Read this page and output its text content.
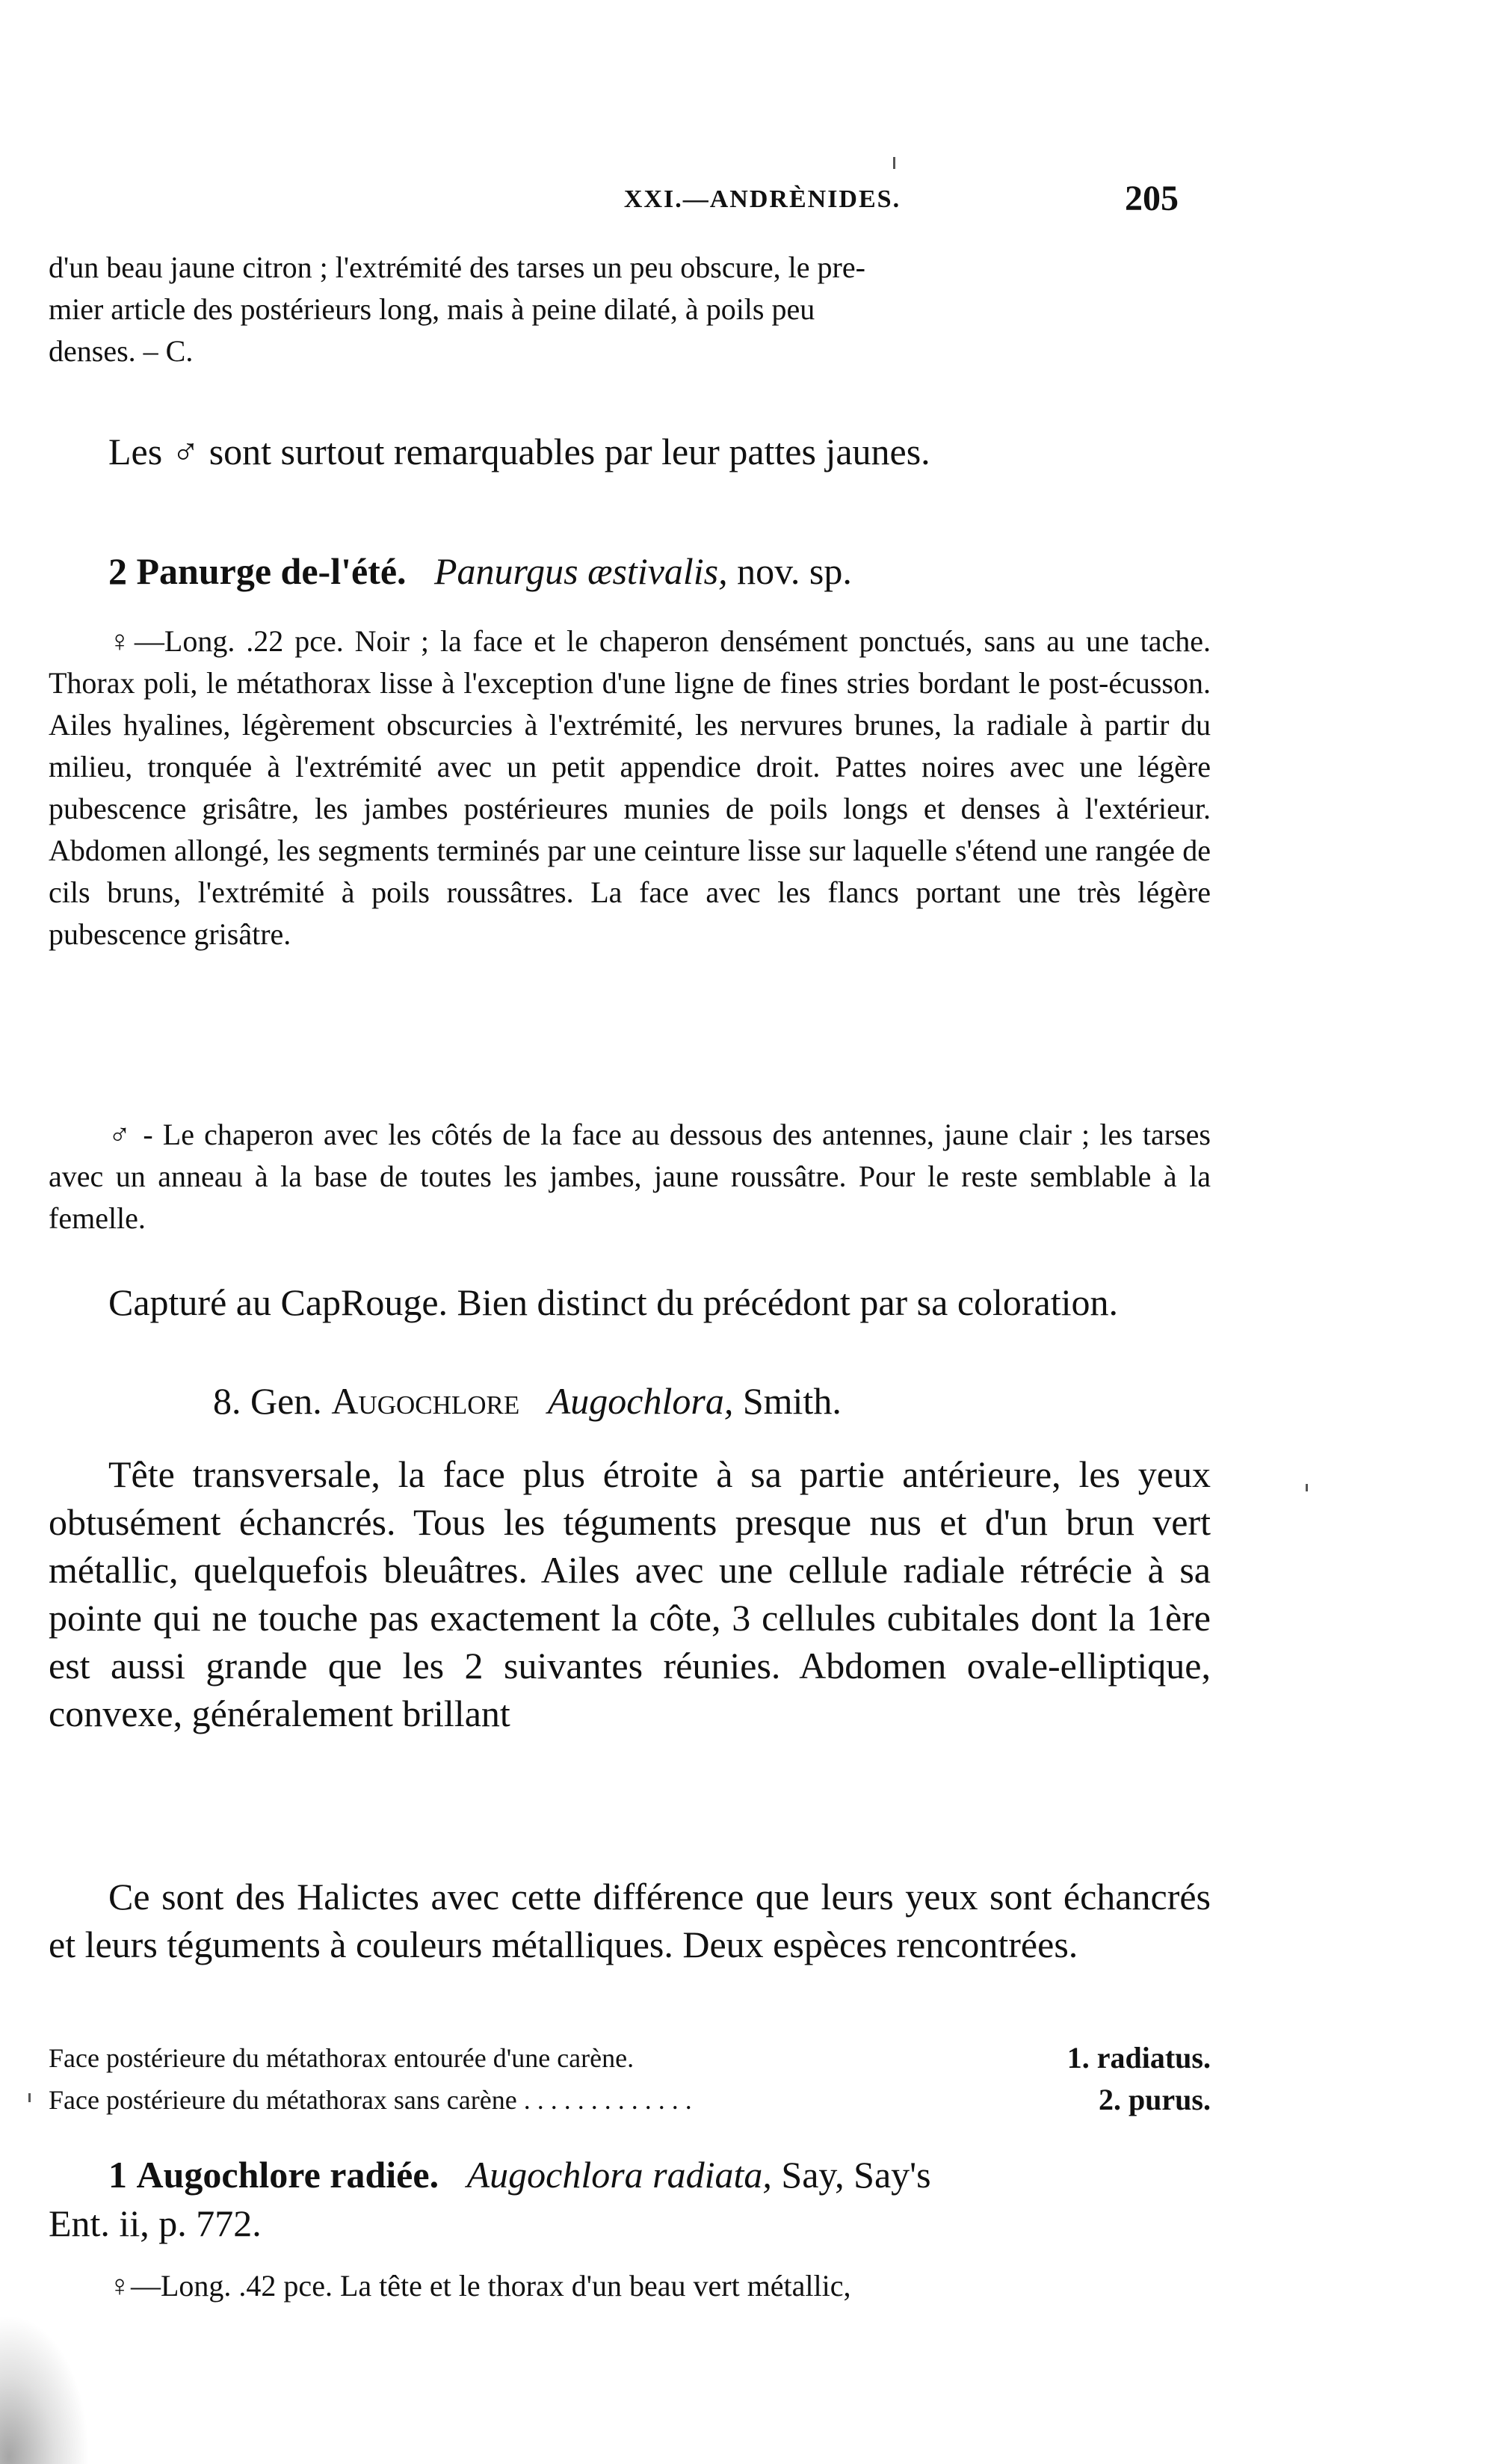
XXI.—ANDRÈNIDES.	205
d'un beau jaune citron ; l'extrémité des tarses un peu obscure, le pre-
mier article des postérieurs long, mais à peine dilaté, à poils peu
denses. – C.
Les ♂ sont surtout remarquables par leur pattes jaunes.
2 Panurge de-l'été. Panurgus æstivalis, nov. sp.
♀—Long. .22 pce. Noir ; la face et le chaperon densément ponctués, sans au une tache. Thorax poli, le métathorax lisse à l'exception d'une ligne de fines stries bordant le post-écusson. Ailes hyalines, légèrement obscurcies à l'extrémité, les nervures brunes, la radiale à partir du milieu, tronquée à l'extrémité avec un petit appendice droit. Pattes noires avec une légère pubescence grisâtre, les jambes postérieures munies de poils longs et denses à l'extérieur. Abdomen allongé, les segments terminés par une ceinture lisse sur laquelle s'étend une rangée de cils bruns, l'extrémité à poils roussâtres. La face avec les flancs portant une très légère pubescence grisâtre.
♂ - Le chaperon avec les côtés de la face au dessous des antennes, jaune clair ; les tarses avec un anneau à la base de toutes les jambes, jaune roussâtre. Pour le reste semblable à la femelle.
Capturé au CapRouge. Bien distinct du précédont par sa coloration.
8. Gen. Augochlore Augochlora, Smith.
Tête transversale, la face plus étroite à sa partie antérieure, les yeux obtusément échancrés. Tous les téguments presque nus et d'un brun vert métallic, quelquefois bleuâtres. Ailes avec une cellule radiale rétrécie à sa pointe qui ne touche pas exactement la côte, 3 cellules cubitales dont la 1ère est aussi grande que les 2 suivantes réunies. Abdomen ovale-elliptique, convexe, généralement brillant
Ce sont des Halictes avec cette différence que leurs yeux sont échancrés et leurs téguments à couleurs métalliques. Deux espèces rencontrées.
Face postérieure du métathorax entourée d'une carène.	1. radiatus.
Face postérieure du métathorax sans carène . . . . . . . . . . . . .	2. purus.
1 Augochlore radiée. Augochlora radiata, Say, Say's
Ent. ii, p. 772.
♀—Long. .42 pce. La tête et le thorax d'un beau vert métallic,
